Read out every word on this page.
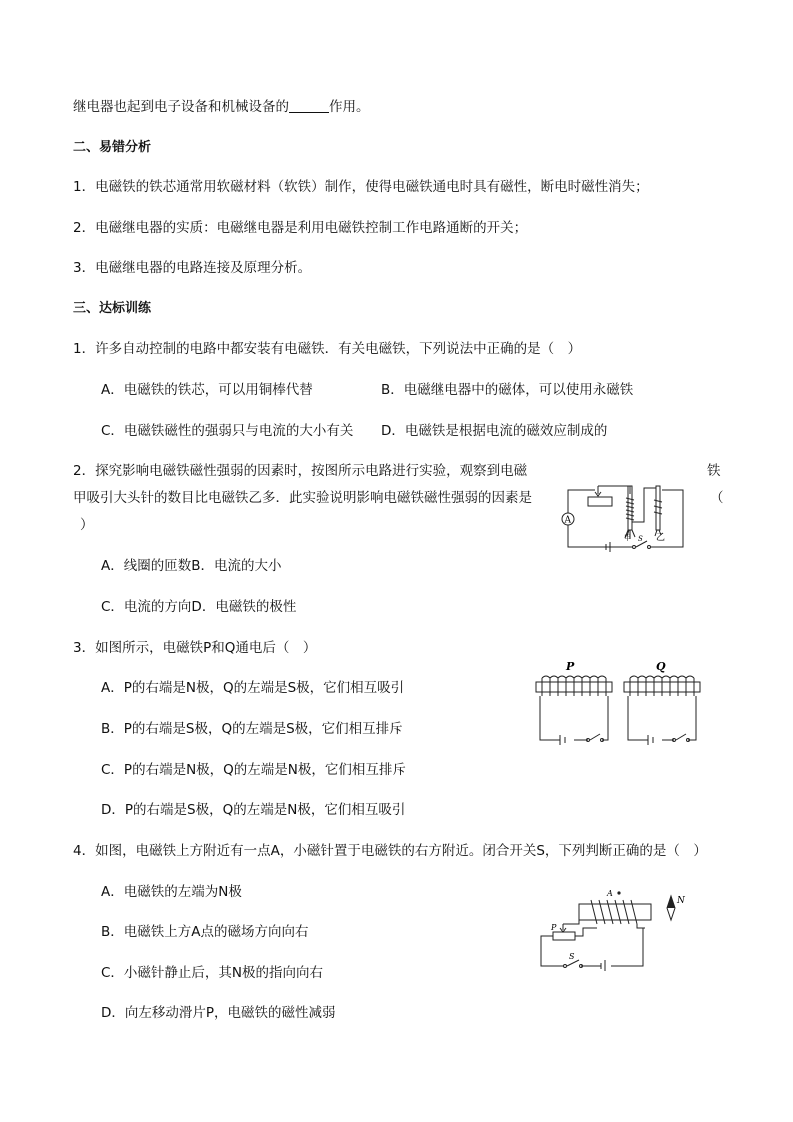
继电器也起到电子设备和机械设备的	作用。
二、易错分析
1．电磁铁的铁芯通常用软磁材料（软铁）制作，使得电磁铁通电时具有磁性，断电时磁性消失；
2．电磁继电器的实质：电磁继电器是利用电磁铁控制工作电路通断的开关；
3．电磁继电器的电路连接及原理分析。
三、达标训练
1．许多自动控制的电路中都安装有电磁铁．有关电磁铁，下列说法中正确的是（　）
A．电磁铁的铁芯，可以用铜棒代替	B．电磁继电器中的磁体，可以使用永磁铁
C．电磁铁磁性的强弱只与电流的大小有关 D．电磁铁是根据电流的磁效应制成的
2．探究影响电磁铁磁性强弱的因素时，按图所示电路进行实验，观察到电磁	铁
甲吸引大头针的数目比电磁铁乙多．此实验说明影响电磁铁磁性强弱的因素是	（
）
A．线圈的匝数B．电流的大小
C．电流的方向D．电磁铁的极性
A
甲	乙
S
3．如图所示，电磁铁P和Q通电后（　）
A．P的右端是N极，Q的左端是S极，它们相互吸引
B．P的右端是S极，Q的左端是S极，它们相互排斥
C．P的右端是N极，Q的左端是N极，它们相互排斥
D．P的右端是S极，Q的左端是N极，它们相互吸引
P	Q
4．如图，电磁铁上方附近有一点A，小磁针置于电磁铁的右方附近。闭合开关S，下列判断正确的是（　）
A．电磁铁的左端为N极
B．电磁铁上方A点的磁场方向向右
C．小磁针静止后，其N极的指向向右
D．向左移动滑片P，电磁铁的磁性减弱
A
N
P
S
